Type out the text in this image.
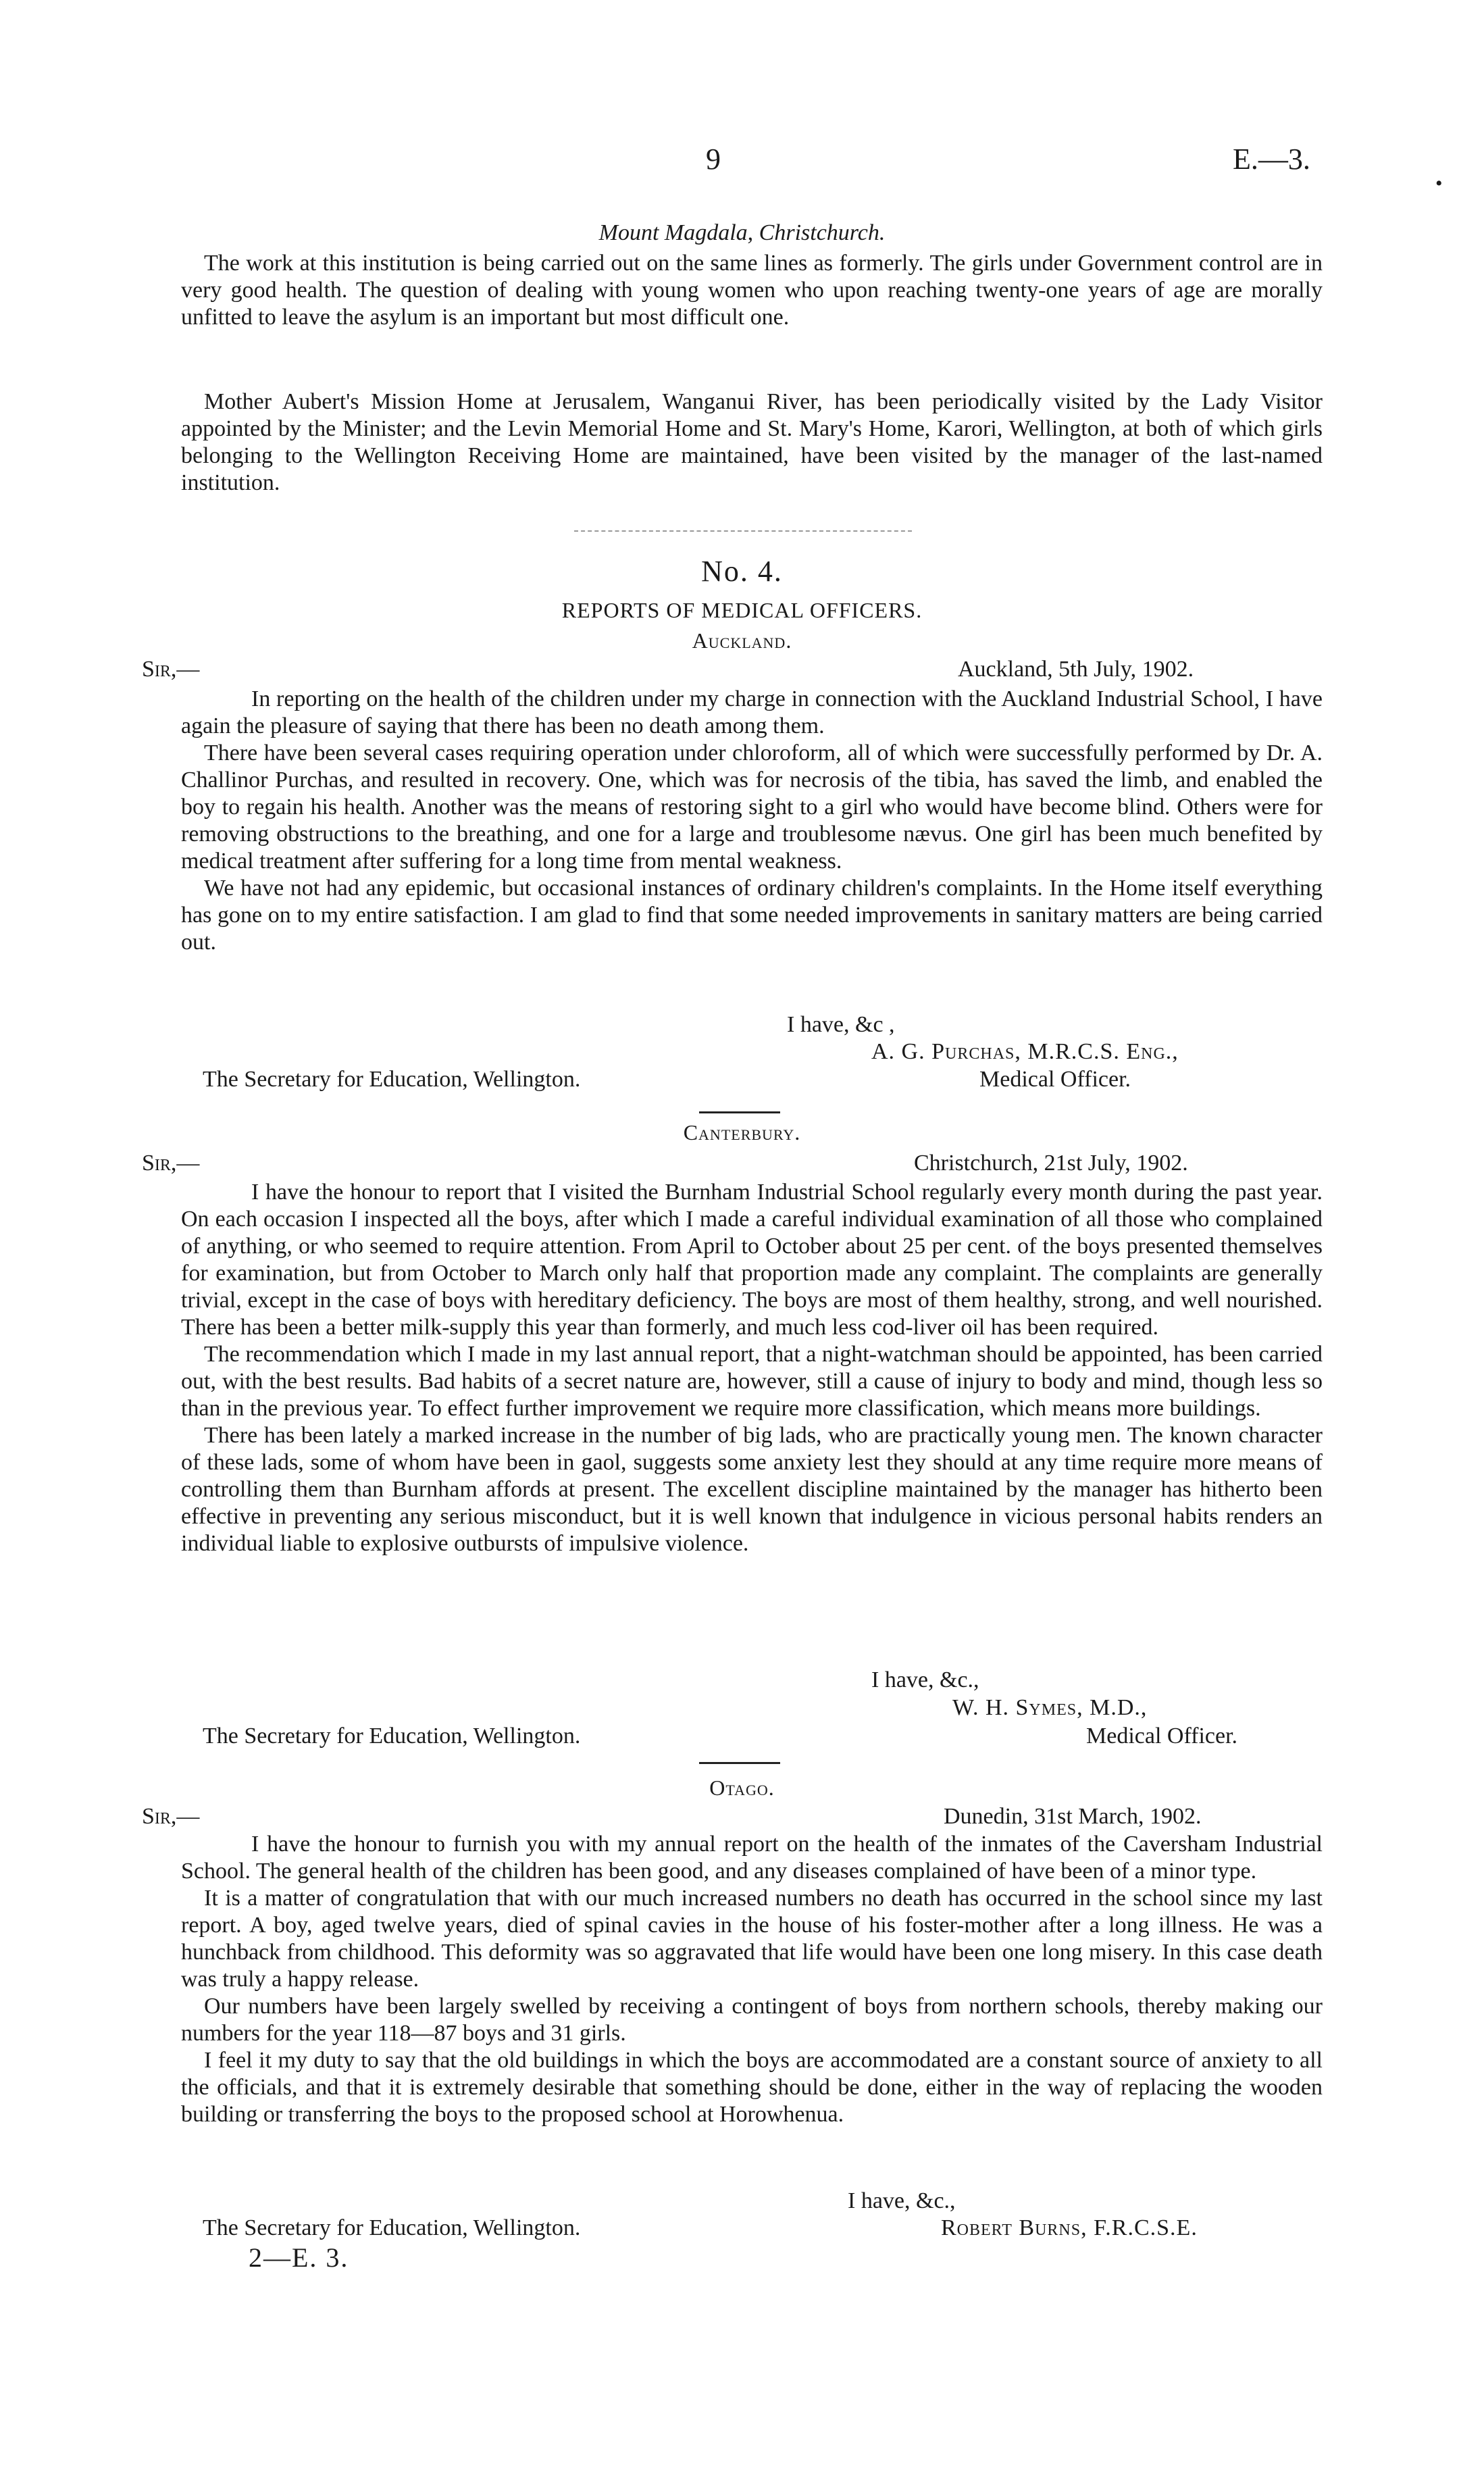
9	E.—3.
•
Mount Magdala, Christchurch.

The work at this institution is being carried out on the same lines as formerly. The girls under Government control are in very good health. The question of dealing with young women who upon reaching twenty-one years of age are morally unfitted to leave the asylum is an important but most difficult one.

Mother Aubert's Mission Home at Jerusalem, Wanganui River, has been periodically visited by the Lady Visitor appointed by the Minister; and the Levin Memorial Home and St. Mary's Home, Karori, Wellington, at both of which girls belonging to the Wellington Receiving Home are maintained, have been visited by the manager of the last-named institution.

No. 4.
REPORTS OF MEDICAL OFFICERS.
Auckland.
Sir,—	Auckland, 5th July, 1902.

In reporting on the health of the children under my charge in connection with the Auckland Industrial School, I have again the pleasure of saying that there has been no death among them.

There have been several cases requiring operation under chloroform, all of which were successfully performed by Dr. A. Challinor Purchas, and resulted in recovery. One, which was for necrosis of the tibia, has saved the limb, and enabled the boy to regain his health. Another was the means of restoring sight to a girl who would have become blind. Others were for removing obstructions to the breathing, and one for a large and troublesome nævus. One girl has been much benefited by medical treatment after suffering for a long time from mental weakness.

We have not had any epidemic, but occasional instances of ordinary children's complaints. In the Home itself everything has gone on to my entire satisfaction. I am glad to find that some needed improvements in sanitary matters are being carried out.

I have, &c ,
A. G. Purchas, M.R.C.S. Eng.,
The Secretary for Education, Wellington.	Medical Officer.
Canterbury.
Sir,—	Christchurch, 21st July, 1902.

I have the honour to report that I visited the Burnham Industrial School regularly every month during the past year. On each occasion I inspected all the boys, after which I made a careful individual examination of all those who complained of anything, or who seemed to require attention. From April to October about 25 per cent. of the boys presented themselves for examination, but from October to March only half that proportion made any complaint. The complaints are generally trivial, except in the case of boys with hereditary deficiency. The boys are most of them healthy, strong, and well nourished. There has been a better milk-supply this year than formerly, and much less cod-liver oil has been required.

The recommendation which I made in my last annual report, that a night-watchman should be appointed, has been carried out, with the best results. Bad habits of a secret nature are, however, still a cause of injury to body and mind, though less so than in the previous year. To effect further improvement we require more classification, which means more buildings.

There has been lately a marked increase in the number of big lads, who are practically young men. The known character of these lads, some of whom have been in gaol, suggests some anxiety lest they should at any time require more means of controlling them than Burnham affords at present. The excellent discipline maintained by the manager has hitherto been effective in preventing any serious misconduct, but it is well known that indulgence in vicious personal habits renders an individual liable to explosive outbursts of impulsive violence.

I have, &c.,
W. H. Symes, M.D.,
The Secretary for Education, Wellington.	Medical Officer.
Otago.
Sir,—	Dunedin, 31st March, 1902.

I have the honour to furnish you with my annual report on the health of the inmates of the Caversham Industrial School. The general health of the children has been good, and any diseases complained of have been of a minor type.

It is a matter of congratulation that with our much increased numbers no death has occurred in the school since my last report. A boy, aged twelve years, died of spinal cavies in the house of his foster-mother after a long illness. He was a hunchback from childhood. This deformity was so aggravated that life would have been one long misery. In this case death was truly a happy release.

Our numbers have been largely swelled by receiving a contingent of boys from northern schools, thereby making our numbers for the year 118—87 boys and 31 girls.

I feel it my duty to say that the old buildings in which the boys are accommodated are a constant source of anxiety to all the officials, and that it is extremely desirable that something should be done, either in the way of replacing the wooden building or transferring the boys to the proposed school at Horowhenua.

I have, &c.,
The Secretary for Education, Wellington.	Robert Burns, F.R.C.S.E.
2—E. 3.
